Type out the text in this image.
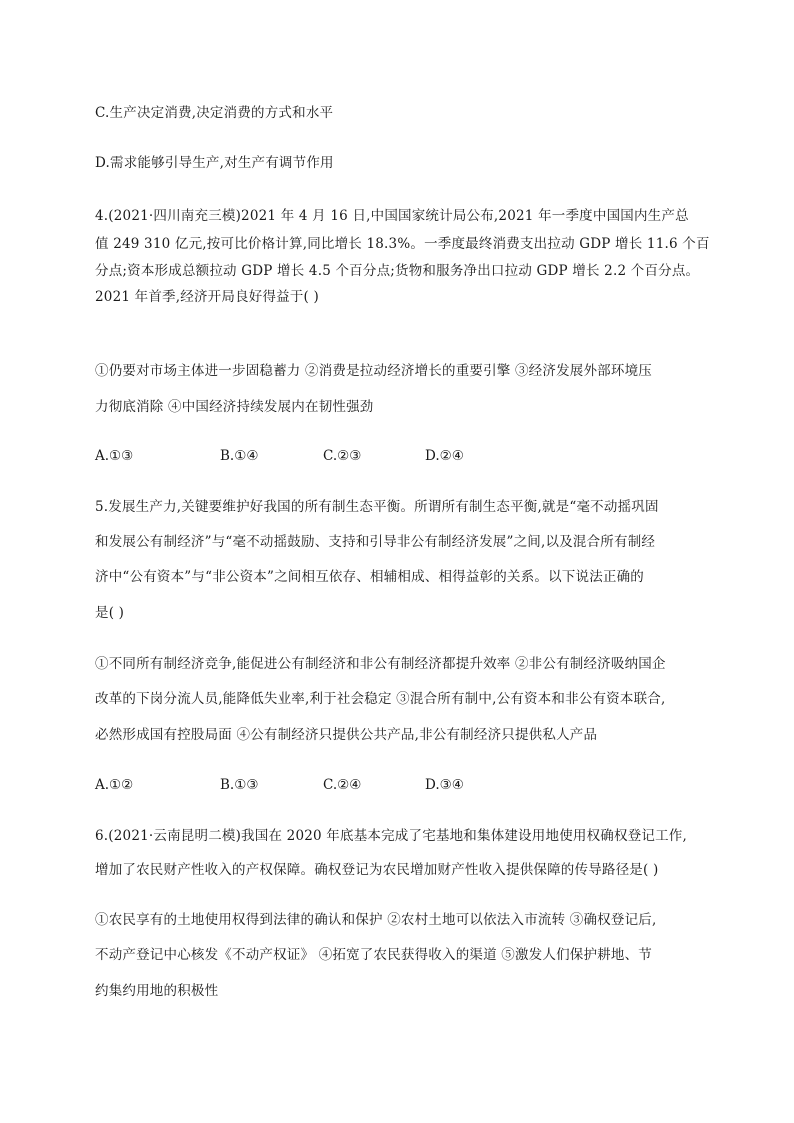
C.生产决定消费,决定消费的方式和水平
D.需求能够引导生产,对生产有调节作用
4.(2021·四川南充三模)2021 年 4 月 16 日,中国国家统计局公布,2021 年一季度中国国内生产总
值 249 310 亿元,按可比价格计算,同比增长 18.3%。一季度最终消费支出拉动 GDP 增长 11.6 个百
分点;资本形成总额拉动 GDP 增长 4.5 个百分点;货物和服务净出口拉动 GDP 增长 2.2 个百分点。
2021 年首季,经济开局良好得益于( )
①仍要对市场主体进一步固稳蓄力 ②消费是拉动经济增长的重要引擎 ③经济发展外部环境压
力彻底消除 ④中国经济持续发展内在韧性强劲
A.①③	B.①④	C.②③	D.②④
5.发展生产力,关键要维护好我国的所有制生态平衡。所谓所有制生态平衡,就是“毫不动摇巩固
和发展公有制经济”与“毫不动摇鼓励、支持和引导非公有制经济发展”之间,以及混合所有制经
济中“公有资本”与“非公资本”之间相互依存、相辅相成、相得益彰的关系。以下说法正确的
是( )
①不同所有制经济竞争,能促进公有制经济和非公有制经济都提升效率 ②非公有制经济吸纳国企
改革的下岗分流人员,能降低失业率,利于社会稳定 ③混合所有制中,公有资本和非公有资本联合,
必然形成国有控股局面 ④公有制经济只提供公共产品,非公有制经济只提供私人产品
A.①②	B.①③	C.②④	D.③④
6.(2021·云南昆明二模)我国在 2020 年底基本完成了宅基地和集体建设用地使用权确权登记工作,
增加了农民财产性收入的产权保障。确权登记为农民增加财产性收入提供保障的传导路径是( )
①农民享有的土地使用权得到法律的确认和保护 ②农村土地可以依法入市流转 ③确权登记后,
不动产登记中心核发《不动产权证》 ④拓宽了农民获得收入的渠道 ⑤激发人们保护耕地、节
约集约用地的积极性
